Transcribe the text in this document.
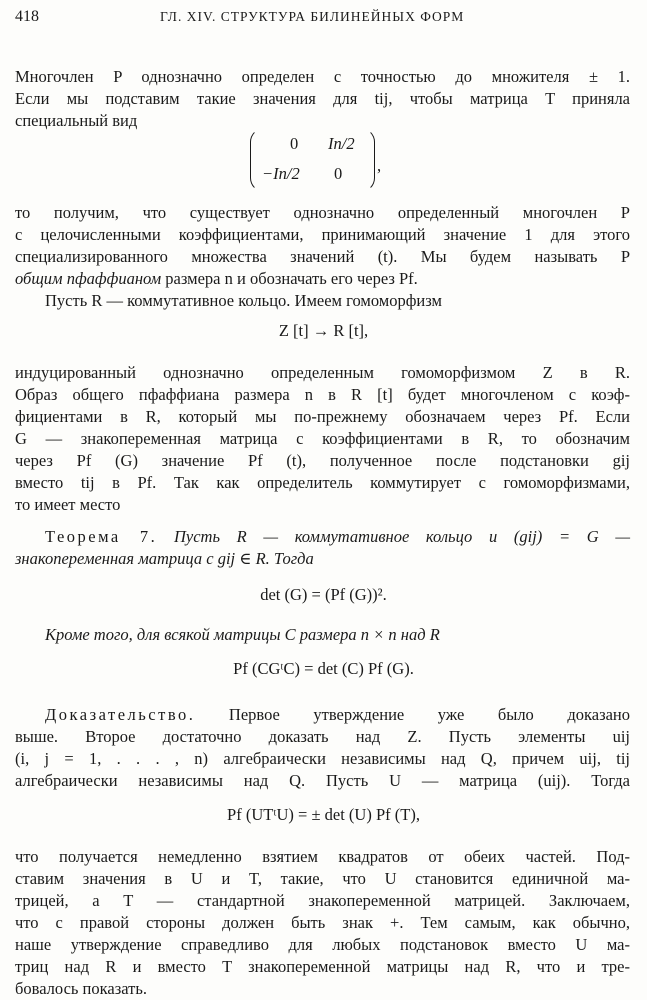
418	ГЛ. XIV. СТРУКТУРА БИЛИНЕЙНЫХ ФОРМ
Многочлен P однозначно определен с точностью до множителя ± 1.
Если мы подставим такие значения для tij, чтобы матрица T приняла
специальный вид
0 In/2
−In/2 0 ,
то получим, что существует однозначно определенный многочлен P
с целочисленными коэффициентами, принимающий значение 1 для этого
специализированного множества значений (t). Мы будем называть P
общим пфаффианом размера n и обозначать его через Pf.
Пусть R — коммутативное кольцо. Имеем гомоморфизм
Z [t] → R [t],
индуцированный однозначно определенным гомоморфизмом Z в R.
Образ общего пфаффиана размера n в R [t] будет многочленом с коэф-
фициентами в R, который мы по-прежнему обозначаем через Pf. Если
G — знакопеременная матрица с коэффициентами в R, то обозначим
через Pf (G) значение Pf (t), полученное после подстановки gij
вместо tij в Pf. Так как определитель коммутирует с гомоморфизмами,
то имеет место
Теорема 7. Пусть R — коммутативное кольцо и (gij) = G —
знакопеременная матрица с gij ∈ R. Тогда
det (G) = (Pf (G))².
Кроме того, для всякой матрицы C размера n × n над R
Pf (CGᵗC) = det (C) Pf (G).
Доказательство. Первое утверждение уже было доказано
выше. Второе достаточно доказать над Z. Пусть элементы uij
(i, j = 1, . . . , n) алгебраически независимы над Q, причем uij, tij
алгебраически независимы над Q. Пусть U — матрица (uij). Тогда
Pf (UTᵗU) = ± det (U) Pf (T),
что получается немедленно взятием квадратов от обеих частей. Под-
ставим значения в U и T, такие, что U становится единичной ма-
трицей, а T — стандартной знакопеременной матрицей. Заключаем,
что с правой стороны должен быть знак +. Тем самым, как обычно,
наше утверждение справедливо для любых подстановок вместо U ма-
триц над R и вместо T знакопеременной матрицы над R, что и тре-
бовалось показать.
